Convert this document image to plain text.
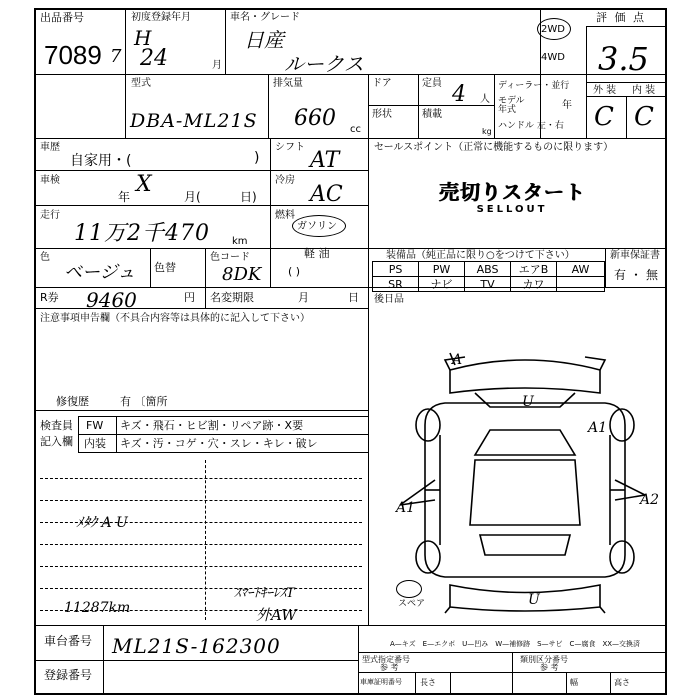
出品番号
7089 7
初度登録年月
H
24	月
車名・グレード
日産
ルークス
2WD
4WD
評 価 点
3.5
外 装 内 装
C C
型式
DBA-ML21S
排気量
660 cc
ドア	定員 4 人
形状	積載
kg
ディーラー・並行
モデル年式	年
ハンドル 左・右
車歴
自家用・(	)
シフト
AT
セールスポイント（正常に機能するものに限ります）
売切りスタート
SELLOUT
車検
年 X	月(	日)
冷房
AC
走行
11万2千470 km
燃料
ガソリン
軽 油
( )
色
ベージュ 色替
色コード
8DK
装備品（純正品に限り○をつけて下さい）	新車保証書
有 ・ 無
PS	PW	ABS	エアB	AW
SR	ナビ	TV	カワ
後日品
R券 9460	円 名変期限	月	日
注意事項申告欄（不具合内容等は具体的に記入して下さい）
修復歴	有 〔箇所
検査員
記入欄
FW キズ・飛石・ヒビ割・リペア跡・X要
内装 キズ・汚・コゲ・穴・スレ・キレ・破レ
ﾒﾀｸ A U
11287km
ｽﾏｰﾄｷｰﾚｽT
外AW
A
U
A1
A1
A2
U
スペア
A—キズ　E—エクボ　U—凹み　W—補修跡　S—サビ　C—腐食　XX—交換済
型式指定番号
参 考
類別区分番号
参 考
車庫証明番号 長さ	幅	高さ
車台番号 ML21S-162300
登録番号
